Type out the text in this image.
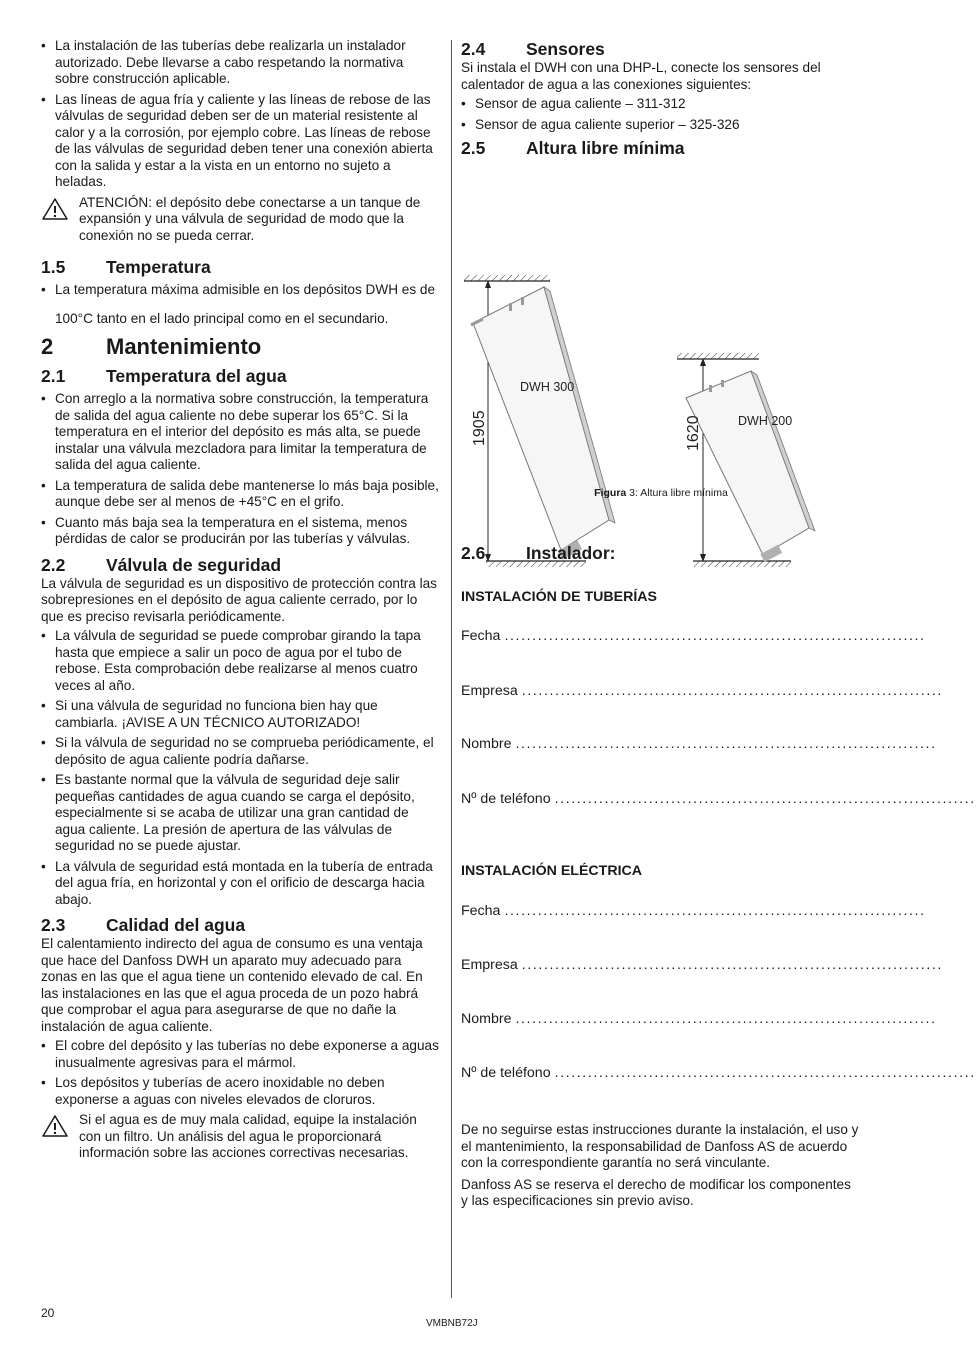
• La instalación de las tuberías debe realizarla un instalador autorizado. Debe llevarse a cabo respetando la normativa sobre construcción aplicable.
• Las líneas de agua fría y caliente y las líneas de rebose de las válvulas de seguridad deben ser de un material resistente al calor y a la corrosión, por ejemplo cobre. Las líneas de rebose de las válvulas de seguridad deben tener una conexión abierta con la salida y estar a la vista en un entorno no sujeto a heladas.
ATENCIÓN: el depósito debe conectarse a un tanque de expansión y una válvula de seguridad de modo que la conexión no se pueda cerrar.
1.5	Temperatura
• La temperatura máxima admisible en los depósitos DWH es de

100°C tanto en el lado principal como en el secundario.

2	Mantenimiento
2.1	Temperatura del agua
• Con arreglo a la normativa sobre construcción, la temperatura de salida del agua caliente no debe superar los 65°C. Si la temperatura en el interior del depósito es más alta, se puede instalar una válvula mezcladora para limitar la temperatura de salida del agua caliente.
• La temperatura de salida debe mantenerse lo más baja posible, aunque debe ser al menos de +45°C en el grifo.
• Cuanto más baja sea la temperatura en el sistema, menos pérdidas de calor se producirán por las tuberías y válvulas.
2.2	Válvula de seguridad

La válvula de seguridad es un dispositivo de protección contra las sobrepresiones en el depósito de agua caliente cerrado, por lo que es preciso revisarla periódicamente.

• La válvula de seguridad se puede comprobar girando la tapa hasta que empiece a salir un poco de agua por el tubo de rebose. Esta comprobación debe realizarse al menos cuatro veces al año.
• Si una válvula de seguridad no funciona bien hay que cambiarla. ¡AVISE A UN TÉCNICO AUTORIZADO!
• Si la válvula de seguridad no se comprueba periódicamente, el depósito de agua caliente podría dañarse.
• Es bastante normal que la válvula de seguridad deje salir pequeñas cantidades de agua cuando se carga el depósito, especialmente si se acaba de utilizar una gran cantidad de agua caliente. La presión de apertura de las válvulas de seguridad no se puede ajustar.
• La válvula de seguridad está montada en la tubería de entrada del agua fría, en horizontal y con el orificio de descarga hacia abajo.
2.3	Calidad del agua

El calentamiento indirecto del agua de consumo es una ventaja que hace del Danfoss DWH un aparato muy adecuado para zonas en las que el agua tiene un contenido elevado de cal. En las instalaciones en las que el agua proceda de un pozo habrá que comprobar el agua para asegurarse de que no dañe la instalación de agua caliente.

• El cobre del depósito y las tuberías no debe exponerse a aguas inusualmente agresivas para el mármol.
• Los depósitos y tuberías de acero inoxidable no deben exponerse a aguas con niveles elevados de cloruros.
Si el agua es de muy mala calidad, equipe la instalación con un filtro. Un análisis del agua le proporcionará información sobre las acciones correctivas necesarias.
2.4	Sensores

Si instala el DWH con una DHP-L, conecte los sensores del calentador de agua a las conexiones siguientes:

• Sensor de agua caliente – 311-312
• Sensor de agua caliente superior – 325-326
2.5	Altura libre mínima
DWH 300
DWH 200
1905	1620
Figura 3: Altura libre mínima
2.6	Instalador:

INSTALACIÓN DE TUBERÍAS

Fecha ............................................................................
Empresa ............................................................................
Nombre ............................................................................
Nº de teléfono ............................................................................

INSTALACIÓN ELÉCTRICA

Fecha ............................................................................
Empresa ............................................................................
Nombre ............................................................................
Nº de teléfono ............................................................................

De no seguirse estas instrucciones durante la instalación, el uso y el mantenimiento, la responsabilidad de Danfoss AS de acuerdo con la correspondiente garantía no será vinculante.

Danfoss AS se reserva el derecho de modificar los componentes y las especificaciones sin previo aviso.

20
VMBNB72J
